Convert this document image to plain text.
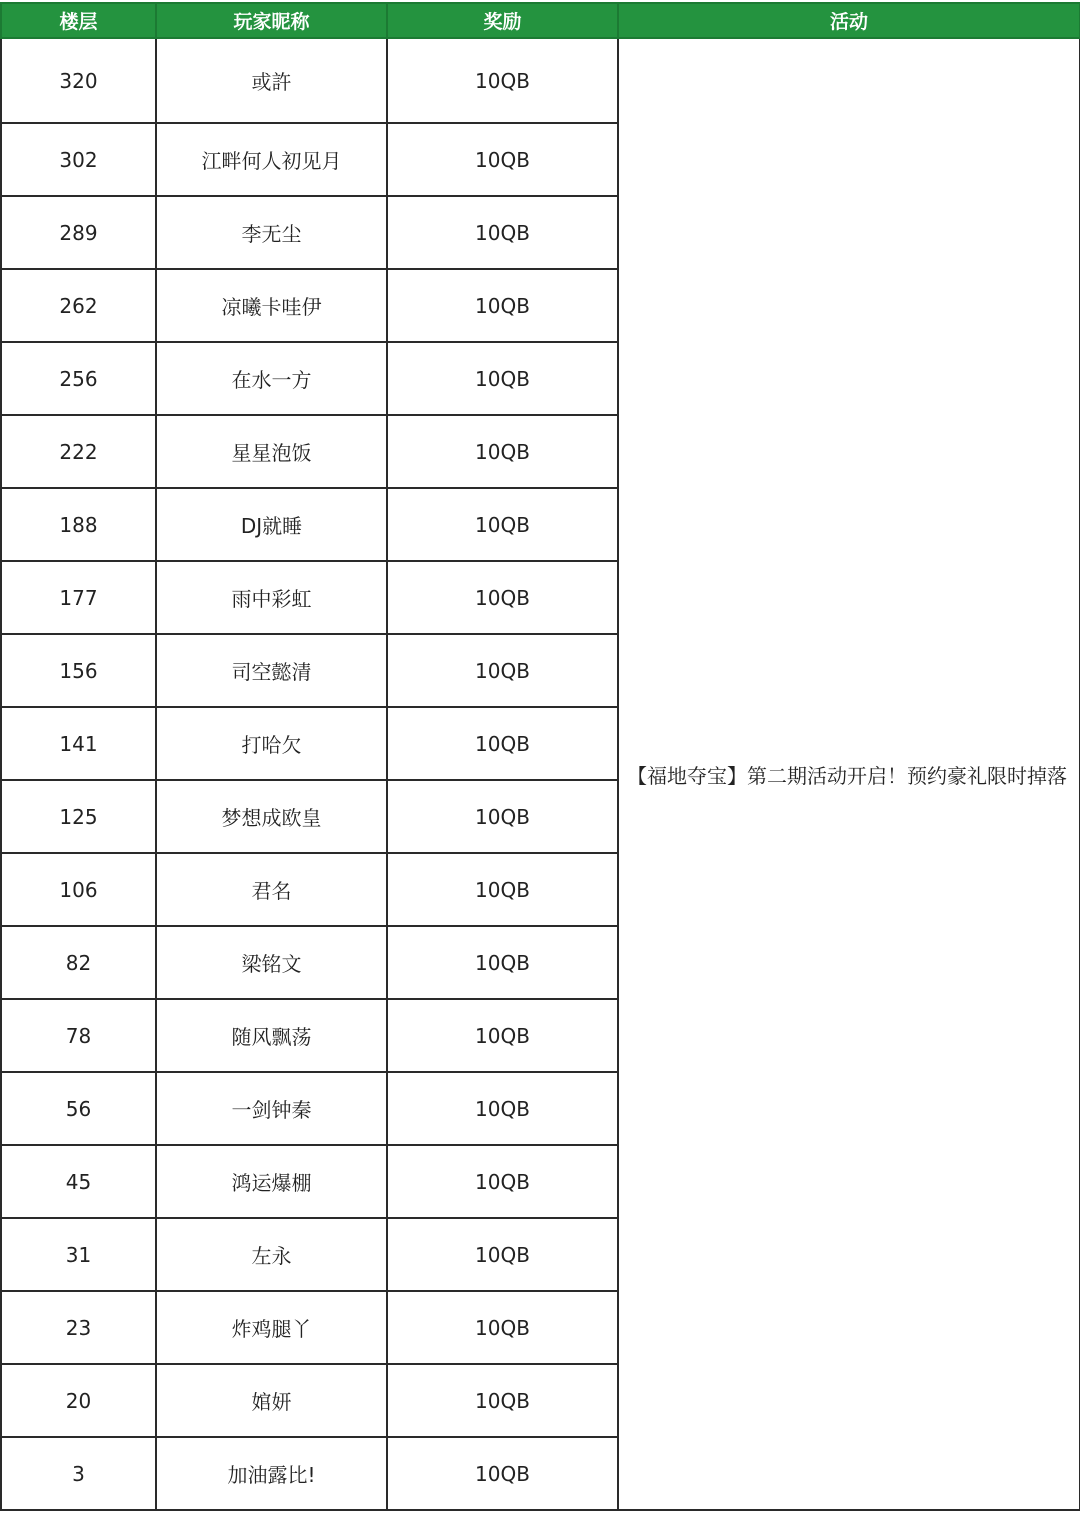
楼层	玩家昵称	奖励	活动
320	或許	10QB	【福地夺宝】第二期活动开启！预约豪礼限时掉落
302	江畔何人初见月	10QB	
289	李无尘	10QB	
262	凉曦卡哇伊	10QB	
256	在水一方	10QB	
222	星星泡饭	10QB	
188	DJ就睡	10QB	
177	雨中彩虹	10QB	
156	司空懿清	10QB	
141	打哈欠	10QB	
125	梦想成欧皇	10QB	
106	君名	10QB	
82	梁铭文	10QB	
78	随风飘荡	10QB	
56	一剑钟秦	10QB	
45	鸿运爆棚	10QB	
31	左永	10QB	
23	炸鸡腿丫	10QB	
20	婠妍	10QB	
3	加油露比!	10QB	
